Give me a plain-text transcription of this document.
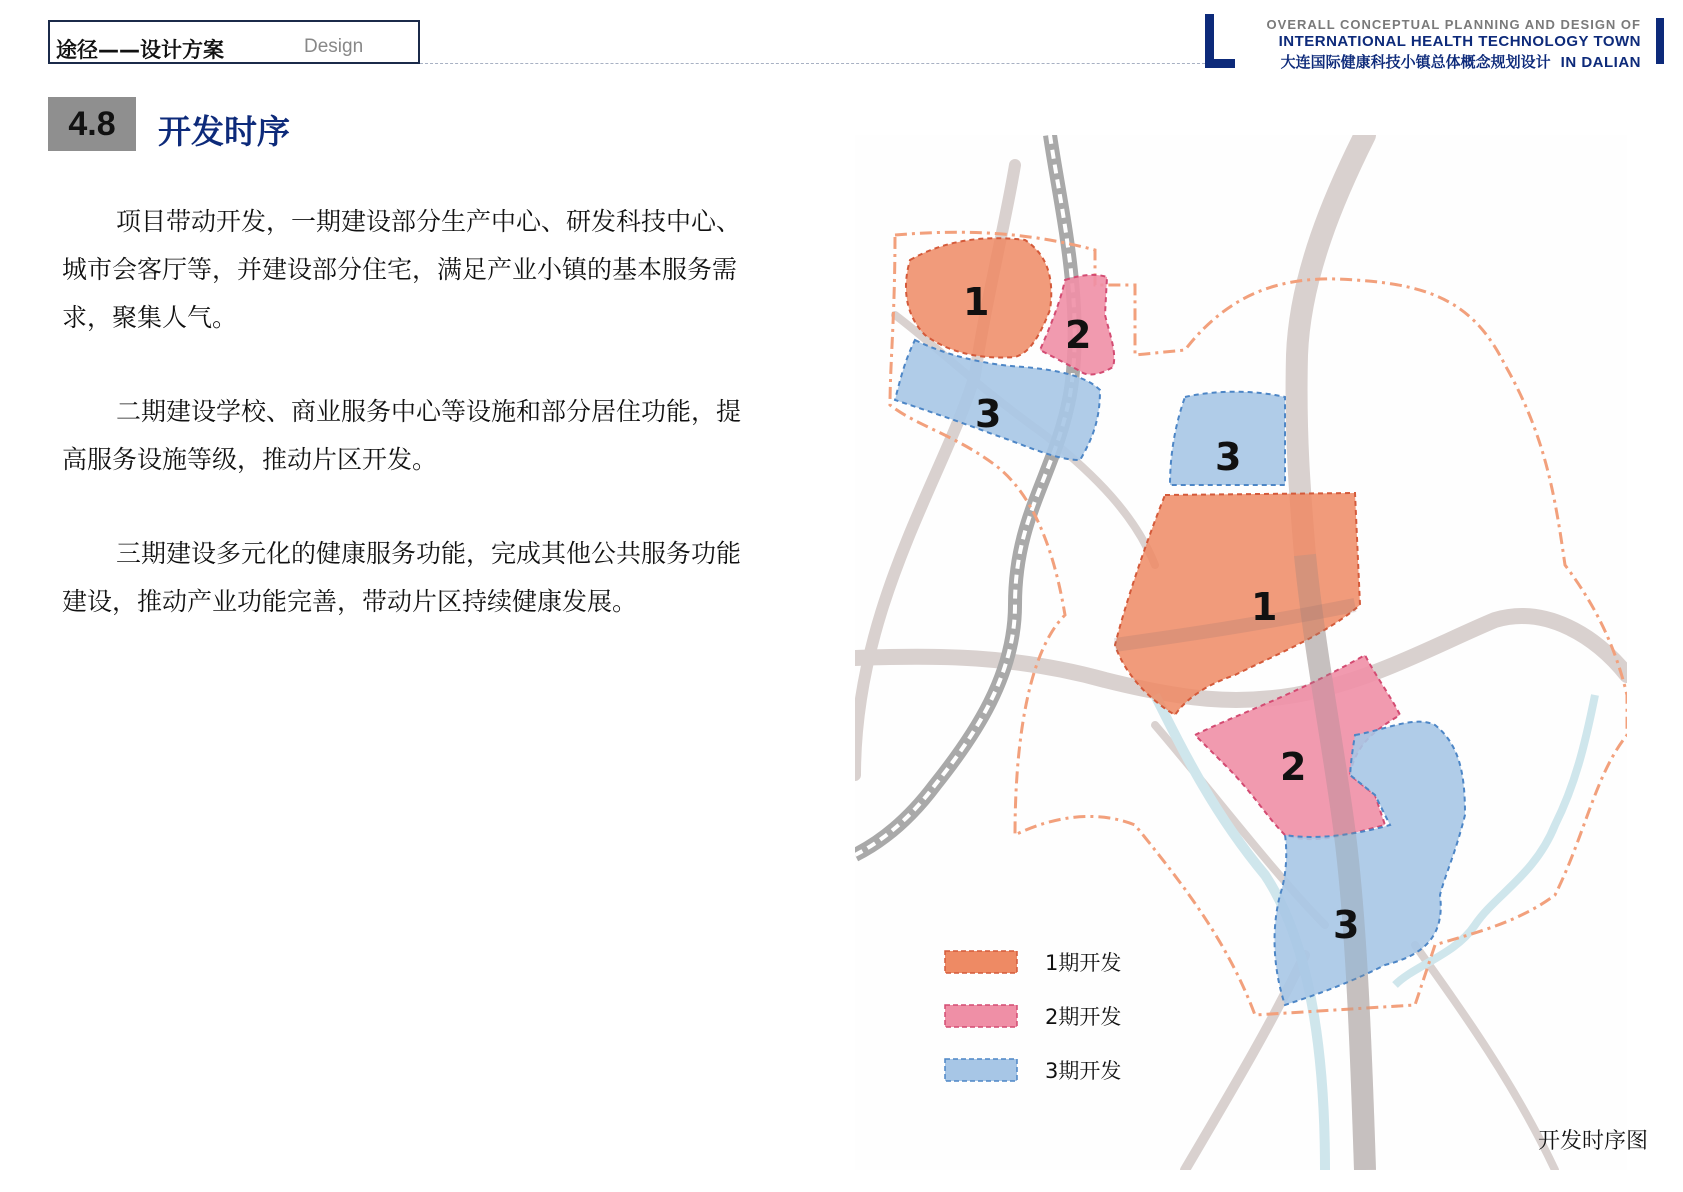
途径——设计方案	Design
OVERALL CONCEPTUAL PLANNING AND DESIGN OF
INTERNATIONAL HEALTH TECHNOLOGY TOWN
大连国际健康科技小镇总体概念规划设计 IN DALIAN
4.8	开发时序

项目带动开发，一期建设部分生产中心、研发科技中心、城市会客厅等，并建设部分住宅，满足产业小镇的基本服务需求，聚集人气。

二期建设学校、商业服务中心等设施和部分居住功能，提高服务设施等级，推动片区开发。

三期建设多元化的健康服务功能，完成其他公共服务功能建设，推动产业功能完善，带动片区持续健康发展。

1
2
3
3
1
2
3
1期开发
2期开发
3期开发
开发时序图
